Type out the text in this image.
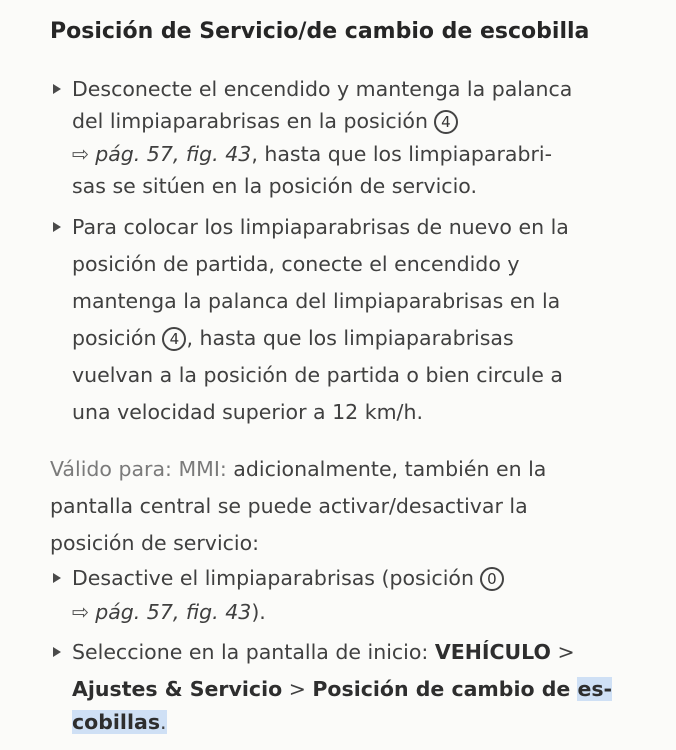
Posición de Servicio/de cambio de escobilla
Desconecte el encendido y mantenga la palanca
del limpiaparabrisas en la posición 4
⇨ pág. 57, fig. 43, hasta que los limpiaparabri-
sas se sitúen en la posición de servicio.
Para colocar los limpiaparabrisas de nuevo en la
posición de partida, conecte el encendido y
mantenga la palanca del limpiaparabrisas en la
posición 4 , hasta que los limpiaparabrisas
vuelvan a la posición de partida o bien circule a
una velocidad superior a 12 km/h.
Válido para: MMI: adicionalmente, también en la
pantalla central se puede activar/desactivar la
posición de servicio:
Desactive el limpiaparabrisas (posición 0
⇨ pág. 57, fig. 43).
Seleccione en la pantalla de inicio: VEHÍCULO >
Ajustes & Servicio > Posición de cambio de es-
cobillas.
